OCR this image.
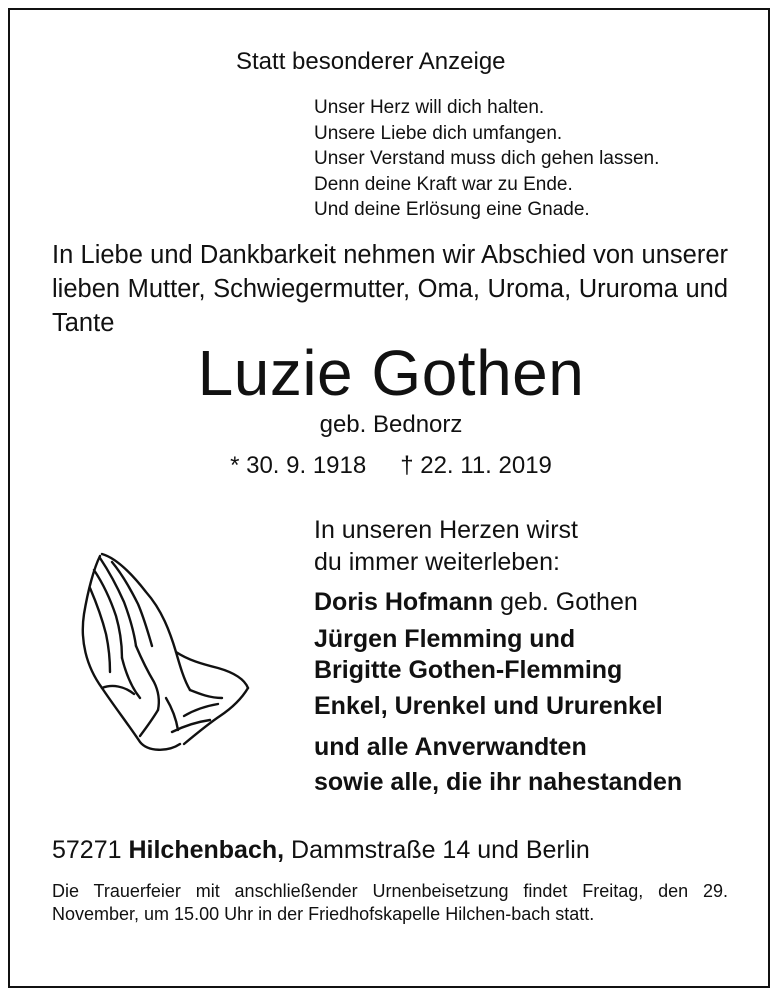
Statt besonderer Anzeige
Unser Herz will dich halten.
Unsere Liebe dich umfangen.
Unser Verstand muss dich gehen lassen.
Denn deine Kraft war zu Ende.
Und deine Erlösung eine Gnade.
In Liebe und Dankbarkeit nehmen wir Abschied von unserer lieben Mutter, Schwiegermutter, Oma, Uroma, Ururoma und Tante
Luzie Gothen
geb. Bednorz
* 30. 9. 1918 † 22. 11. 2019
In unseren Herzen wirst
du immer weiterleben:
Doris Hofmann geb. Gothen
Jürgen Flemming und
Brigitte Gothen-Flemming
Enkel, Urenkel und Ururenkel
und alle Anverwandten
sowie alle, die ihr nahestanden
57271 Hilchenbach, Dammstraße 14 und Berlin
Die Trauerfeier mit anschließender Urnenbeisetzung findet Freitag, den 29. November, um 15.00 Uhr in der Friedhofskapelle Hilchen-bach statt.
